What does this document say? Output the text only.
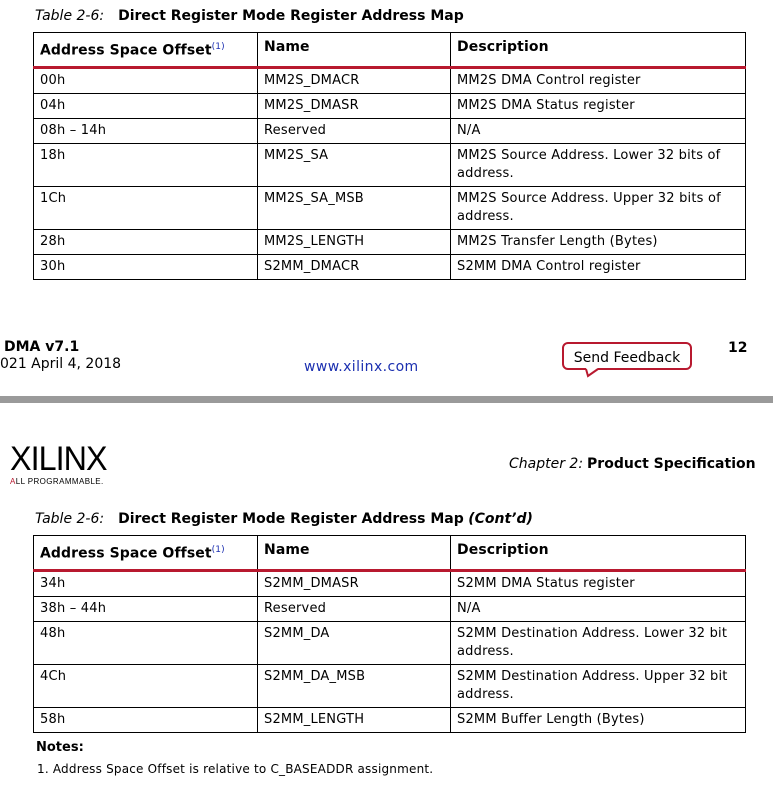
Table 2-6: Direct Register Mode Register Address Map
Address Space Offset$^{(1)}$	Name	Description
00h	MM2S_DMACR	MM2S DMA Control register
04h	MM2S_DMASR	MM2S DMA Status register
08h – 14h	Reserved	N/A
18h	MM2S_SA	MM2S Source Address. Lower 32 bits of address.
1Ch	MM2S_SA_MSB	MM2S Source Address. Upper 32 bits of address.
28h	MM2S_LENGTH	MM2S Transfer Length (Bytes)
30h	S2MM_DMACR	S2MM DMA Control register
DMA v7.1
021 April 4, 2018	www.xilinx.com
Send Feedback
12
XILINX
ALL PROGRAMMABLE.
Chapter 2: Product Specification
Table 2-6: Direct Register Mode Register Address Map (Cont’d)
Address Space Offset$^{(1)}$	Name	Description
34h	S2MM_DMASR	S2MM DMA Status register
38h – 44h	Reserved	N/A
48h	S2MM_DA	S2MM Destination Address. Lower 32 bit address.
4Ch	S2MM_DA_MSB	S2MM Destination Address. Upper 32 bit address.
58h	S2MM_LENGTH	S2MM Buffer Length (Bytes)
Notes:
1. Address Space Offset is relative to C_BASEADDR assignment.
